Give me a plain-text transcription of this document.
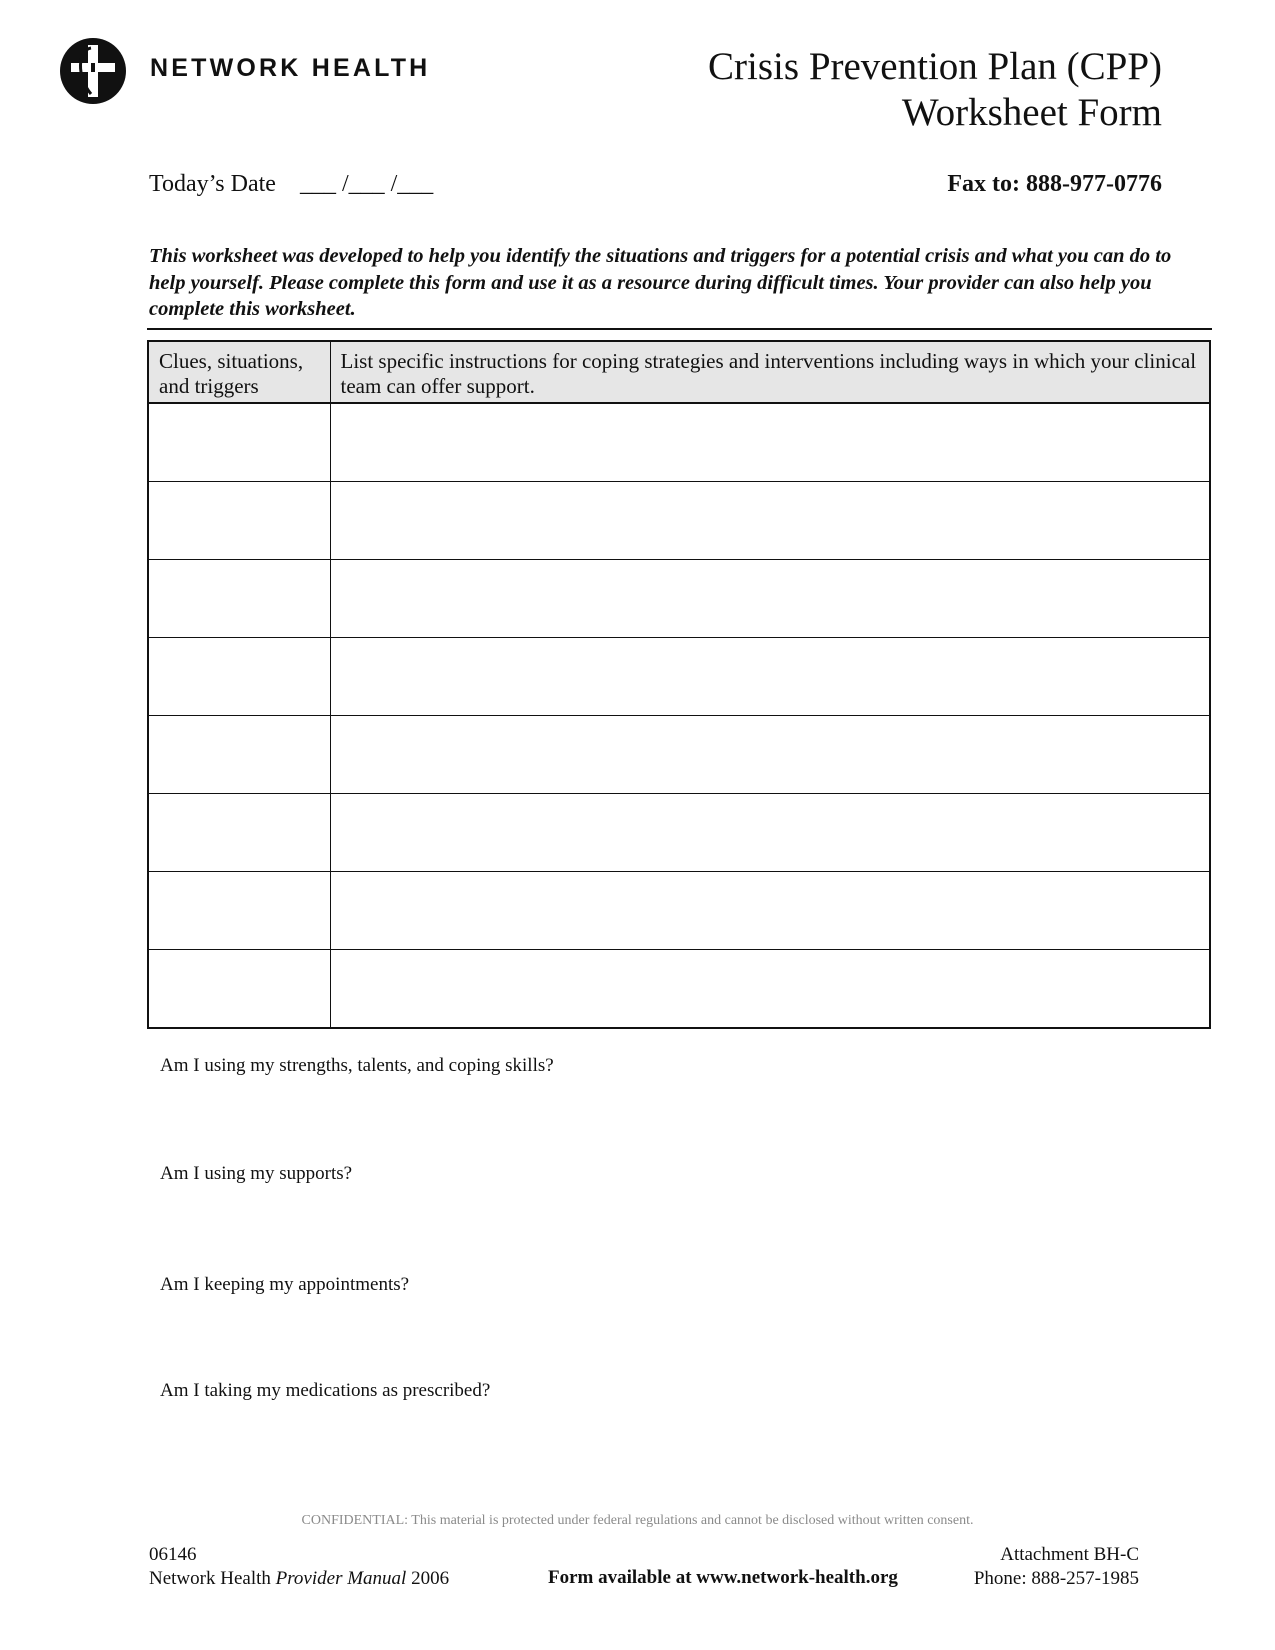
NETWORK HEALTH	Crisis Prevention Plan (CPP)
Worksheet Form
Today’s Date ___ /___ /___	Fax to: 888-977-0776
This worksheet was developed to help you identify the situations and triggers for a potential crisis and what you can do to help yourself. Please complete this form and use it as a resource during difficult times. Your provider can also help you complete this worksheet.
Clues, situations, and triggers	List specific instructions for coping strategies and interventions including ways in which your clinical team can offer support.

Am I using my strengths, talents, and coping skills?
Am I using my supports?
Am I keeping my appointments?
Am I taking my medications as prescribed?
CONFIDENTIAL: This material is protected under federal regulations and cannot be disclosed without written consent.
06146
Network Health Provider Manual 2006	Form available at www.network-health.org
Attachment BH-C
Phone: 888-257-1985
